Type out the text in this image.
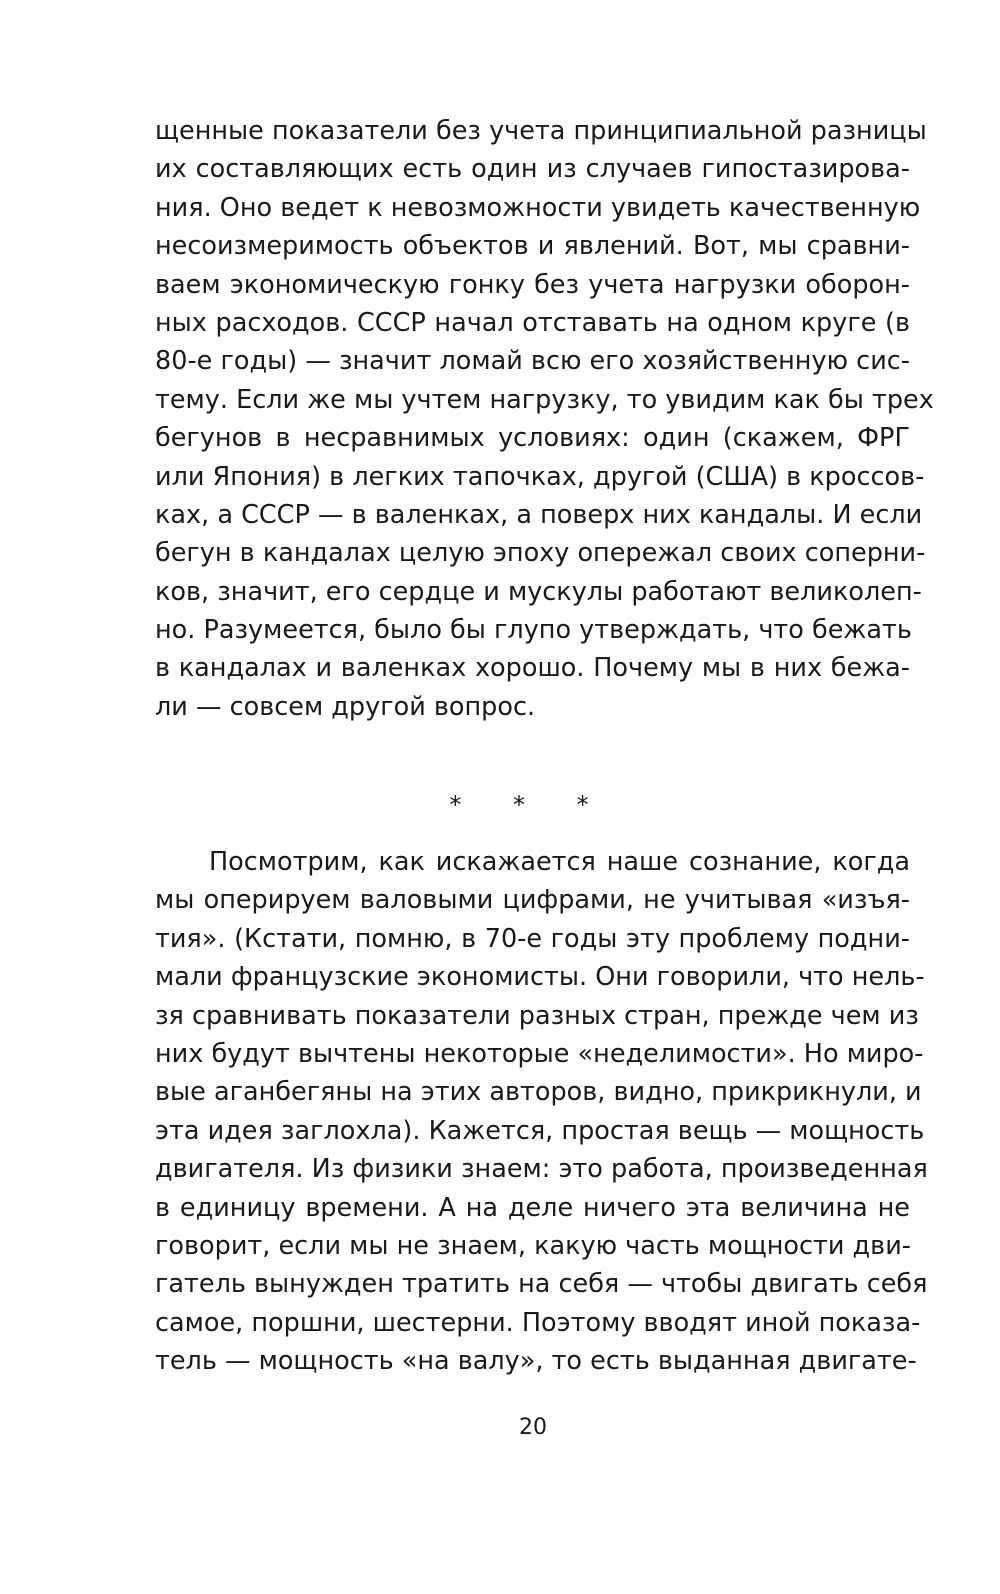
щенные показатели без учета принципиальной разницы
их составляющих есть один из случаев гипостазирова-
ния. Оно ведет к невозможности увидеть качественную
несоизмеримость объектов и явлений. Вот, мы сравни-
ваем экономическую гонку без учета нагрузки оборон-
ных расходов. СССР начал отставать на одном круге (в
80-е годы) — значит ломай всю его хозяйственную сис-
тему. Если же мы учтем нагрузку, то увидим как бы трех
бегунов в несравнимых условиях: один (скажем, ФРГ
или Япония) в легких тапочках, другой (США) в кроссов-
ках, а СССР — в валенках, а поверх них кандалы. И если
бегун в кандалах целую эпоху опережал своих соперни-
ков, значит, его сердце и мускулы работают великолеп-
но. Разумеется, было бы глупо утверждать, что бежать
в кандалах и валенках хорошо. Почему мы в них бежа-
ли — совсем другой вопрос.
* * *
Посмотрим, как искажается наше сознание, когда
мы оперируем валовыми цифрами, не учитывая «изъя-
тия». (Кстати, помню, в 70-е годы эту проблему подни-
мали французские экономисты. Они говорили, что нель-
зя сравнивать показатели разных стран, прежде чем из
них будут вычтены некоторые «неделимости». Но миро-
вые аганбегяны на этих авторов, видно, прикрикнули, и
эта идея заглохла). Кажется, простая вещь — мощность
двигателя. Из физики знаем: это работа, произведенная
в единицу времени. А на деле ничего эта величина не
говорит, если мы не знаем, какую часть мощности дви-
гатель вынужден тратить на себя — чтобы двигать себя
самое, поршни, шестерни. Поэтому вводят иной показа-
тель — мощность «на валу», то есть выданная двигате-
20
